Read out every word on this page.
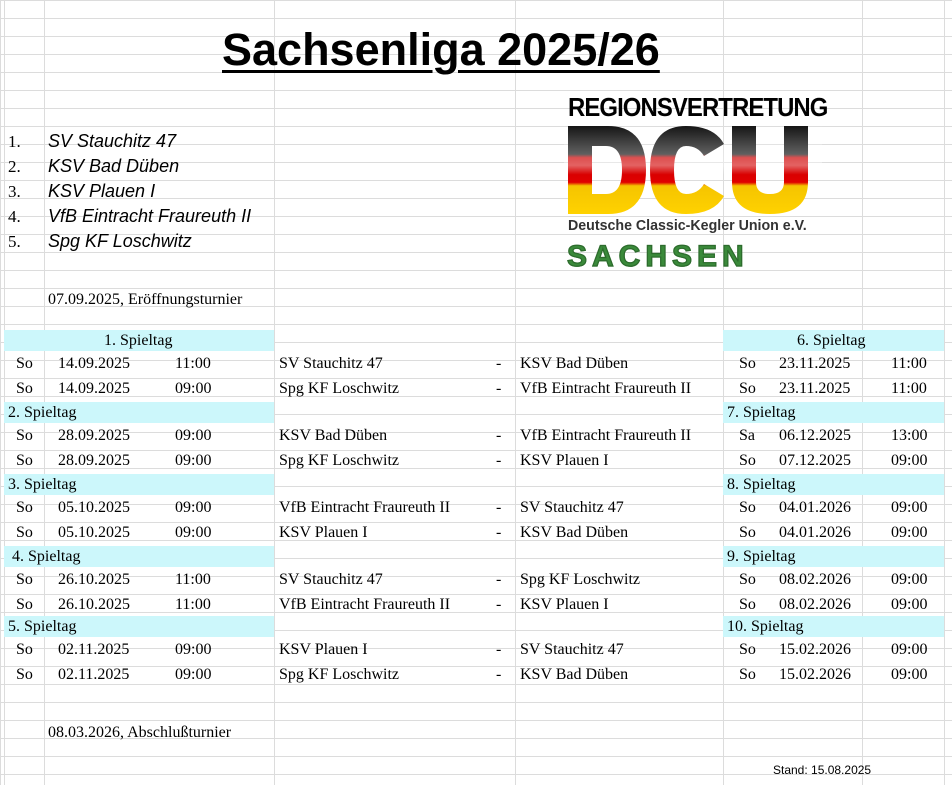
Sachsenliga 2025/26
1. SV Stauchitz 47
2. KSV Bad Düben
3. KSV Plauen I
4. VfB Eintracht Fraureuth II
5. Spg KF Loschwitz
REGIONSVERTRETUNG
Deutsche Classic-Kegler Union e.V.
SACHSEN
07.09.2025, Eröffnungsturnier
1. Spieltag	6. Spieltag
So 14.09.2025	11:00	SV Stauchitz 47	- KSV Bad Düben	So 23.11.2025	11:00
So 14.09.2025	09:00	Spg KF Loschwitz	- VfB Eintracht Fraureuth II	So 23.11.2025	11:00
2. Spieltag	7. Spieltag
So 28.09.2025	09:00	KSV Bad Düben	- VfB Eintracht Fraureuth II	Sa 06.12.2025	13:00
So 28.09.2025	09:00	Spg KF Loschwitz	- KSV Plauen I	So 07.12.2025	09:00
3. Spieltag	8. Spieltag
So 05.10.2025	09:00	VfB Eintracht Fraureuth II	- SV Stauchitz 47	So 04.01.2026	09:00
So 05.10.2025	09:00	KSV Plauen I	- KSV Bad Düben	So 04.01.2026	09:00
4. Spieltag	9. Spieltag
So 26.10.2025	11:00	SV Stauchitz 47	- Spg KF Loschwitz	So 08.02.2026	09:00
So 26.10.2025	11:00	VfB Eintracht Fraureuth II	- KSV Plauen I	So 08.02.2026	09:00
5. Spieltag	10. Spieltag
So 02.11.2025	09:00	KSV Plauen I	- SV Stauchitz 47	So 15.02.2026	09:00
So 02.11.2025	09:00	Spg KF Loschwitz	- KSV Bad Düben	So 15.02.2026	09:00
08.03.2026, Abschlußturnier
Stand: 15.08.2025
